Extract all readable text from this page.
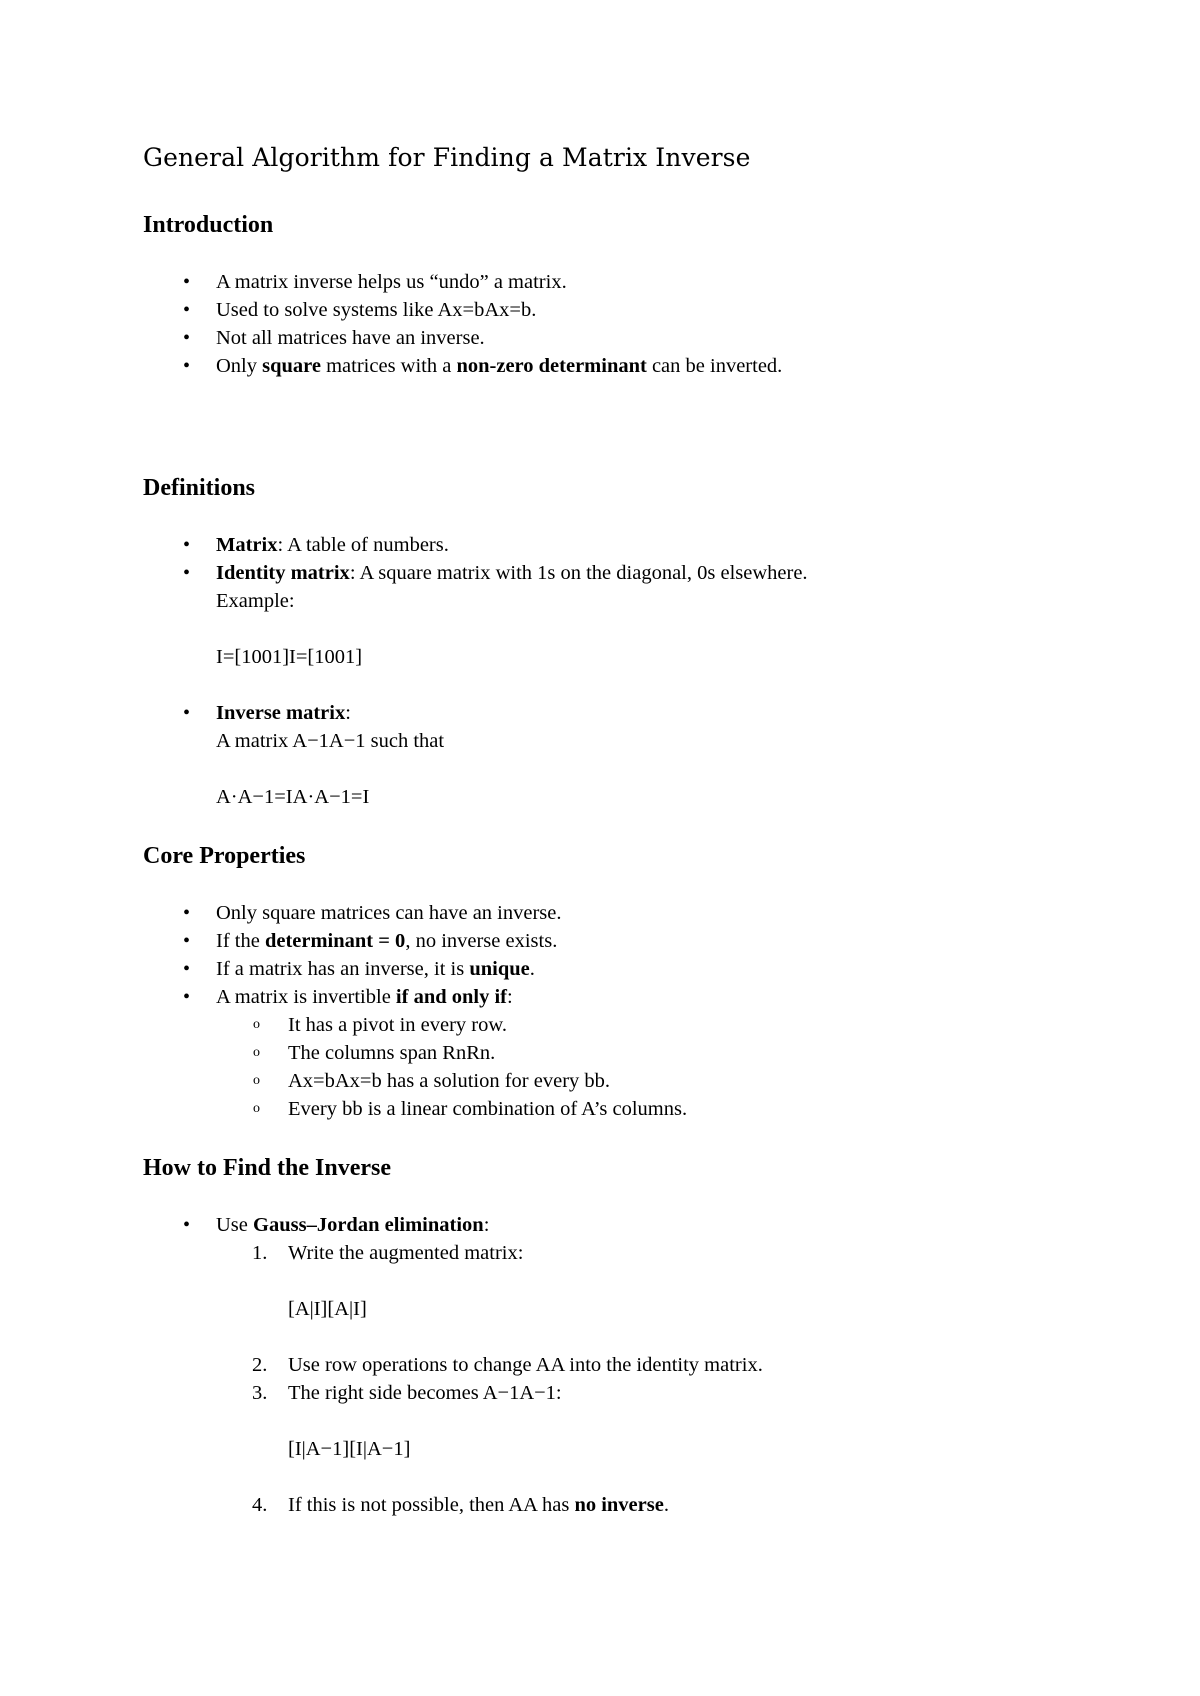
General Algorithm for Finding a Matrix Inverse
Introduction
• A matrix inverse helps us “undo” a matrix.
• Used to solve systems like Ax=bAx=b.
• Not all matrices have an inverse.
• Only square matrices with a non-zero determinant can be inverted.
Definitions
• Matrix: A table of numbers.
• Identity matrix: A square matrix with 1s on the diagonal, 0s elsewhere.
Example:
I=[1001]I=[1001]
• Inverse matrix:
A matrix A−1A−1 such that
A·A−1=IA·A−1=I
Core Properties
• Only square matrices can have an inverse.
• If the determinant = 0, no inverse exists.
• If a matrix has an inverse, it is unique.
• A matrix is invertible if and only if:
o It has a pivot in every row.
o The columns span RnRn.
o Ax=bAx=b has a solution for every bb.
o Every bb is a linear combination of A’s columns.
How to Find the Inverse
• Use Gauss–Jordan elimination:
1. Write the augmented matrix:
[A|I][A|I]
2. Use row operations to change AA into the identity matrix.
3. The right side becomes A−1A−1:
[I|A−1][I|A−1]
4. If this is not possible, then AA has no inverse.
